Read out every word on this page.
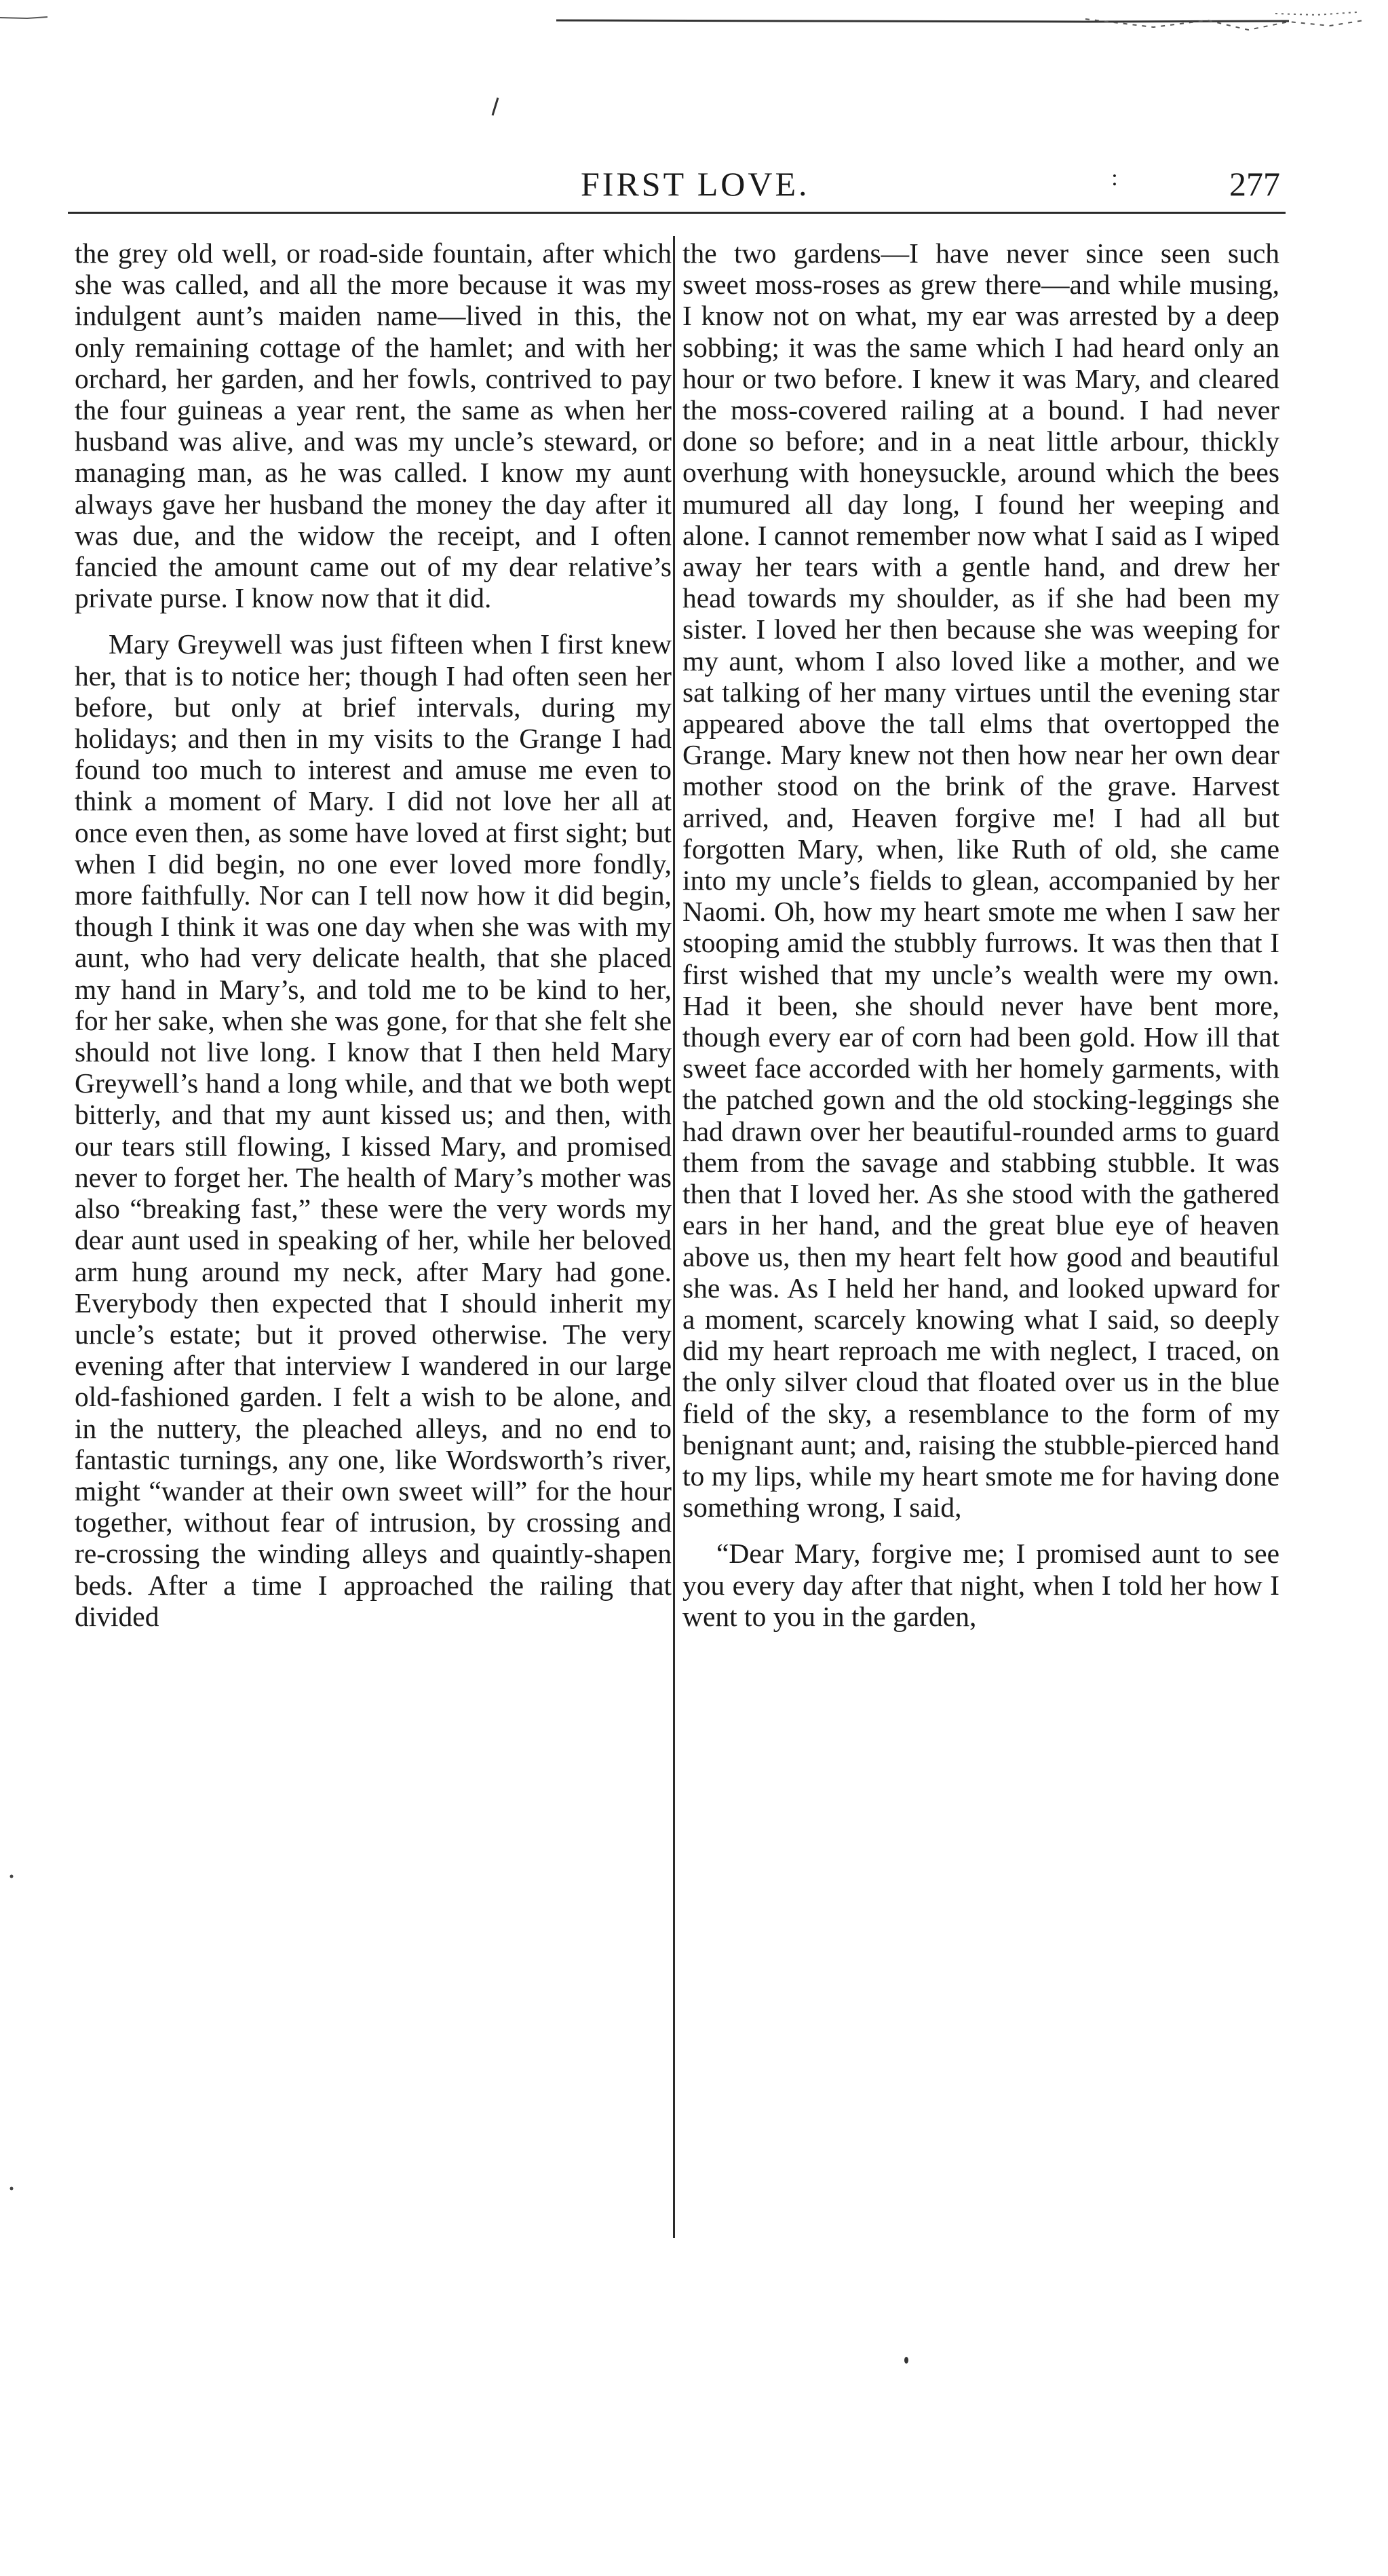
FIRST LOVE.	:	277

the grey old well, or road-side fountain, after which she was called, and all the more because it was my indulgent aunt’s maiden name—lived in this, the only remaining cottage of the hamlet; and with her orchard, her garden, and her fowls, contrived to pay the four guineas a year rent, the same as when her husband was alive, and was my uncle’s steward, or managing man, as he was called. I know my aunt always gave her husband the money the day after it was due, and the widow the receipt, and I often fancied the amount came out of my dear relative’s private purse. I know now that it did.

Mary Greywell was just fifteen when I first knew her, that is to notice her; though I had often seen her before, but only at brief intervals, during my holidays; and then in my visits to the Grange I had found too much to interest and amuse me even to think a moment of Mary. I did not love her all at once even then, as some have loved at first sight; but when I did begin, no one ever loved more fondly, more faithfully. Nor can I tell now how it did begin, though I think it was one day when she was with my aunt, who had very delicate health, that she placed my hand in Mary’s, and told me to be kind to her, for her sake, when she was gone, for that she felt she should not live long. I know that I then held Mary Greywell’s hand a long while, and that we both wept bitterly, and that my aunt kissed us; and then, with our tears still flowing, I kissed Mary, and promised never to forget her. The health of Mary’s mother was also “breaking fast,” these were the very words my dear aunt used in speaking of her, while her beloved arm hung around my neck, after Mary had gone. Everybody then expected that I should inherit my uncle’s estate; but it proved otherwise. The very evening after that interview I wandered in our large old-fashioned garden. I felt a wish to be alone, and in the nuttery, the pleached alleys, and no end to fantastic turnings, any one, like Wordsworth’s river, might “wander at their own sweet will” for the hour together, without fear of intrusion, by crossing and re-crossing the winding alleys and quaintly-shapen beds. After a time I approached the railing that divided

the two gardens—I have never since seen such sweet moss-roses as grew there—and while musing, I know not on what, my ear was arrested by a deep sobbing; it was the same which I had heard only an hour or two before. I knew it was Mary, and cleared the moss-covered railing at a bound. I had never done so before; and in a neat little arbour, thickly overhung with honeysuckle, around which the bees mumured all day long, I found her weeping and alone. I cannot remember now what I said as I wiped away her tears with a gentle hand, and drew her head towards my shoulder, as if she had been my sister. I loved her then because she was weeping for my aunt, whom I also loved like a mother, and we sat talking of her many virtues until the evening star appeared above the tall elms that overtopped the Grange. Mary knew not then how near her own dear mother stood on the brink of the grave. Harvest arrived, and, Heaven forgive me! I had all but forgotten Mary, when, like Ruth of old, she came into my uncle’s fields to glean, accompanied by her Naomi. Oh, how my heart smote me when I saw her stooping amid the stubbly furrows. It was then that I first wished that my uncle’s wealth were my own. Had it been, she should never have bent more, though every ear of corn had been gold. How ill that sweet face accorded with her homely garments, with the patched gown and the old stocking-leggings she had drawn over her beautiful-rounded arms to guard them from the savage and stabbing stubble. It was then that I loved her. As she stood with the gathered ears in her hand, and the great blue eye of heaven above us, then my heart felt how good and beautiful she was. As I held her hand, and looked upward for a moment, scarcely knowing what I said, so deeply did my heart reproach me with neglect, I traced, on the only silver cloud that floated over us in the blue field of the sky, a resemblance to the form of my benignant aunt; and, raising the stubble-pierced hand to my lips, while my heart smote me for having done something wrong, I said,

“Dear Mary, forgive me; I promised aunt to see you every day after that night, when I told her how I went to you in the garden,
